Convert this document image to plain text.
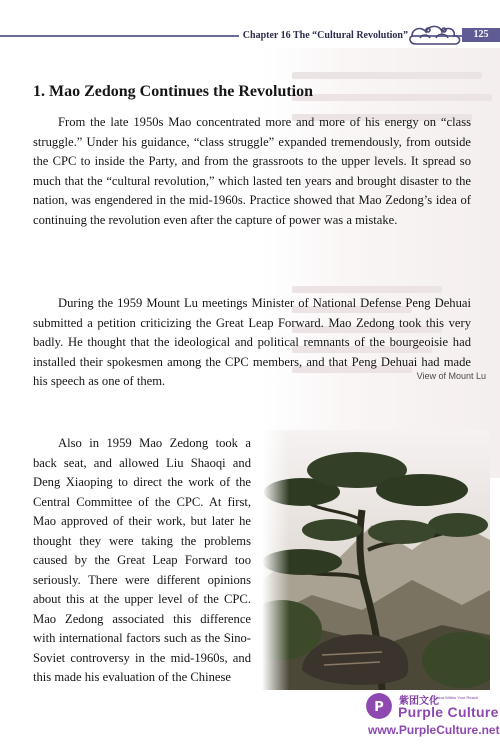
Chapter 16 The “Cultural Revolution”	125
View of Mount Lu
1. Mao Zedong Continues the Revolution

From the late 1950s Mao concentrated more and more of his energy on “class struggle.” Under his guidance, “class struggle” expanded tremendously, from outside the CPC to inside the Party, and from the grassroots to the upper levels. It spread so much that the “cultural revolution,” which lasted ten years and brought disaster to the nation, was engendered in the mid-1960s. Practice showed that Mao Zedong’s idea of continuing the revolution even after the capture of power was a mistake.

During the 1959 Mount Lu meetings Minister of National Defense Peng Dehuai submitted a petition criticizing the Great Leap Forward. Mao Zedong took this very badly. He thought that the ideological and political remnants of the bourgeoisie had installed their spokesmen among the CPC members, and that Peng Dehuai had made his speech as one of them.

Also in 1959 Mao Zedong took a back seat, and allowed Liu Shaoqi and Deng Xiaoping to direct the work of the Central Committee of the CPC. At first, Mao approved of their work, but later he thought they were taking the problems caused by the Great Leap Forward too seriously. There were different opinions about this at the upper level of the CPC. Mao Zedong associated this difference with international factors such as the Sino-Soviet controversy in the mid-1960s, and this made his evaluation of the Chinese

P 紫团文化
A China Within Your Reach
Purple Culture
www.PurpleCulture.net
